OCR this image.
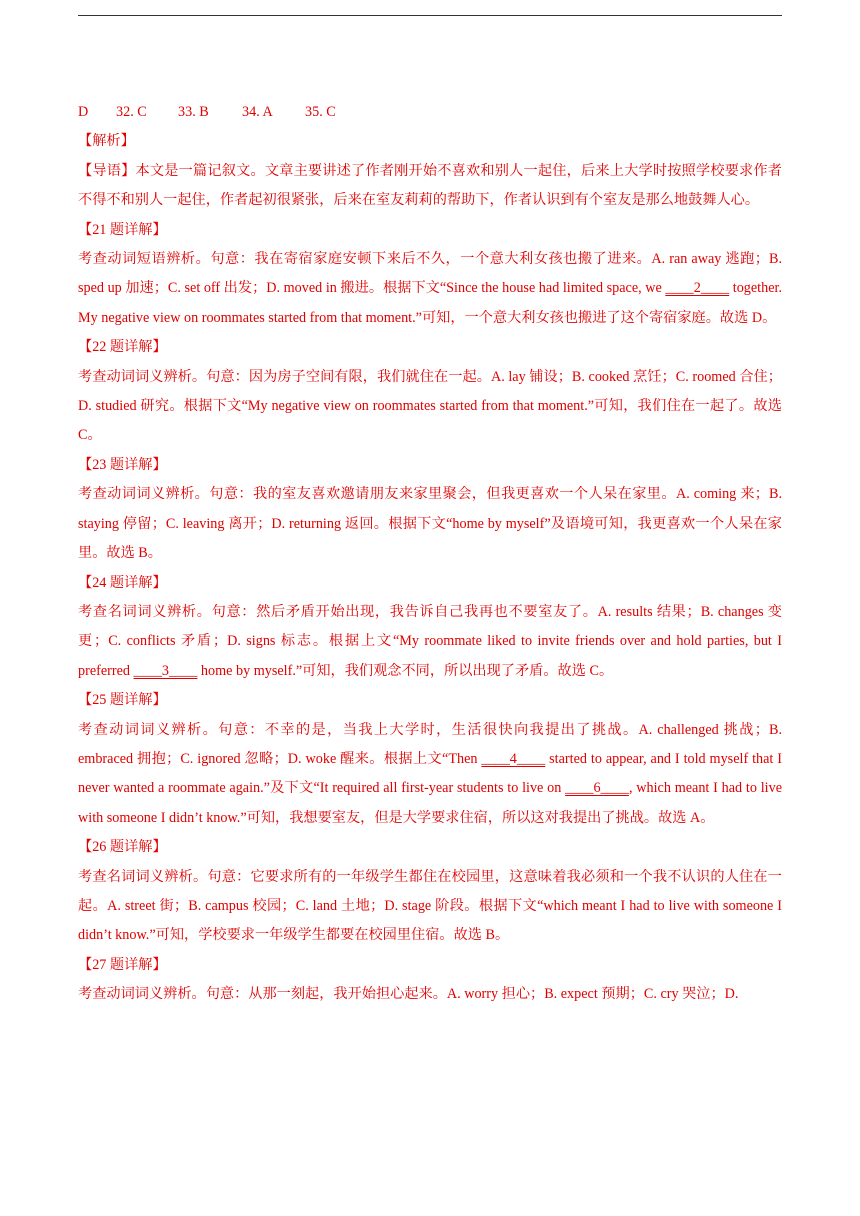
D 32. C 33. B 34. A 35. C

【解析】

【导语】本文是一篇记叙文。文章主要讲述了作者刚开始不喜欢和别人一起住，后来上大学时按照学校要求作者不得不和别人一起住，作者起初很紧张，后来在室友莉莉的帮助下，作者认识到有个室友是那么地鼓舞人心。

【21 题详解】

考查动词短语辨析。句意：我在寄宿家庭安顿下来后不久，一个意大利女孩也搬了进来。A. ran away 逃跑；B. sped up 加速；C. set off 出发；D. moved in 搬进。根据下文“Since the house had limited space, we ____2____ together. My negative view on roommates started from that moment.”可知，一个意大利女孩也搬进了这个寄宿家庭。故选 D。

【22 题详解】

考查动词词义辨析。句意：因为房子空间有限，我们就住在一起。A. lay 铺设；B. cooked 烹饪；C. roomed 合住；D. studied 研究。根据下文“My negative view on roommates started from that moment.”可知，我们住在一起了。故选 C。

【23 题详解】

考查动词词义辨析。句意：我的室友喜欢邀请朋友来家里聚会，但我更喜欢一个人呆在家里。A. coming 来；B. staying 停留；C. leaving 离开；D. returning 返回。根据下文“home by myself”及语境可知，我更喜欢一个人呆在家里。故选 B。

【24 题详解】

考查名词词义辨析。句意：然后矛盾开始出现，我告诉自己我再也不要室友了。A. results 结果；B. changes 变更；C. conflicts 矛盾；D. signs 标志。根据上文“My roommate liked to invite friends over and hold parties, but I preferred ____3____ home by myself.”可知，我们观念不同，所以出现了矛盾。故选 C。

【25 题详解】

考查动词词义辨析。句意：不幸的是，当我上大学时，生活很快向我提出了挑战。A. challenged 挑战；B. embraced 拥抱；C. ignored 忽略；D. woke 醒来。根据上文“Then ____4____ started to appear, and I told myself that I never wanted a roommate again.”及下文“It required all first-year students to live on ____6____, which meant I had to live with someone I didn’t know.”可知，我想要室友，但是大学要求住宿，所以这对我提出了挑战。故选 A。

【26 题详解】

考查名词词义辨析。句意：它要求所有的一年级学生都住在校园里，这意味着我必须和一个我不认识的人住在一起。A. street 街；B. campus 校园；C. land 土地；D. stage 阶段。根据下文“which meant I had to live with someone I didn’t know.”可知，学校要求一年级学生都要在校园里住宿。故选 B。

【27 题详解】

考查动词词义辨析。句意：从那一刻起，我开始担心起来。A. worry 担心；B. expect 预期；C. cry 哭泣；D.
